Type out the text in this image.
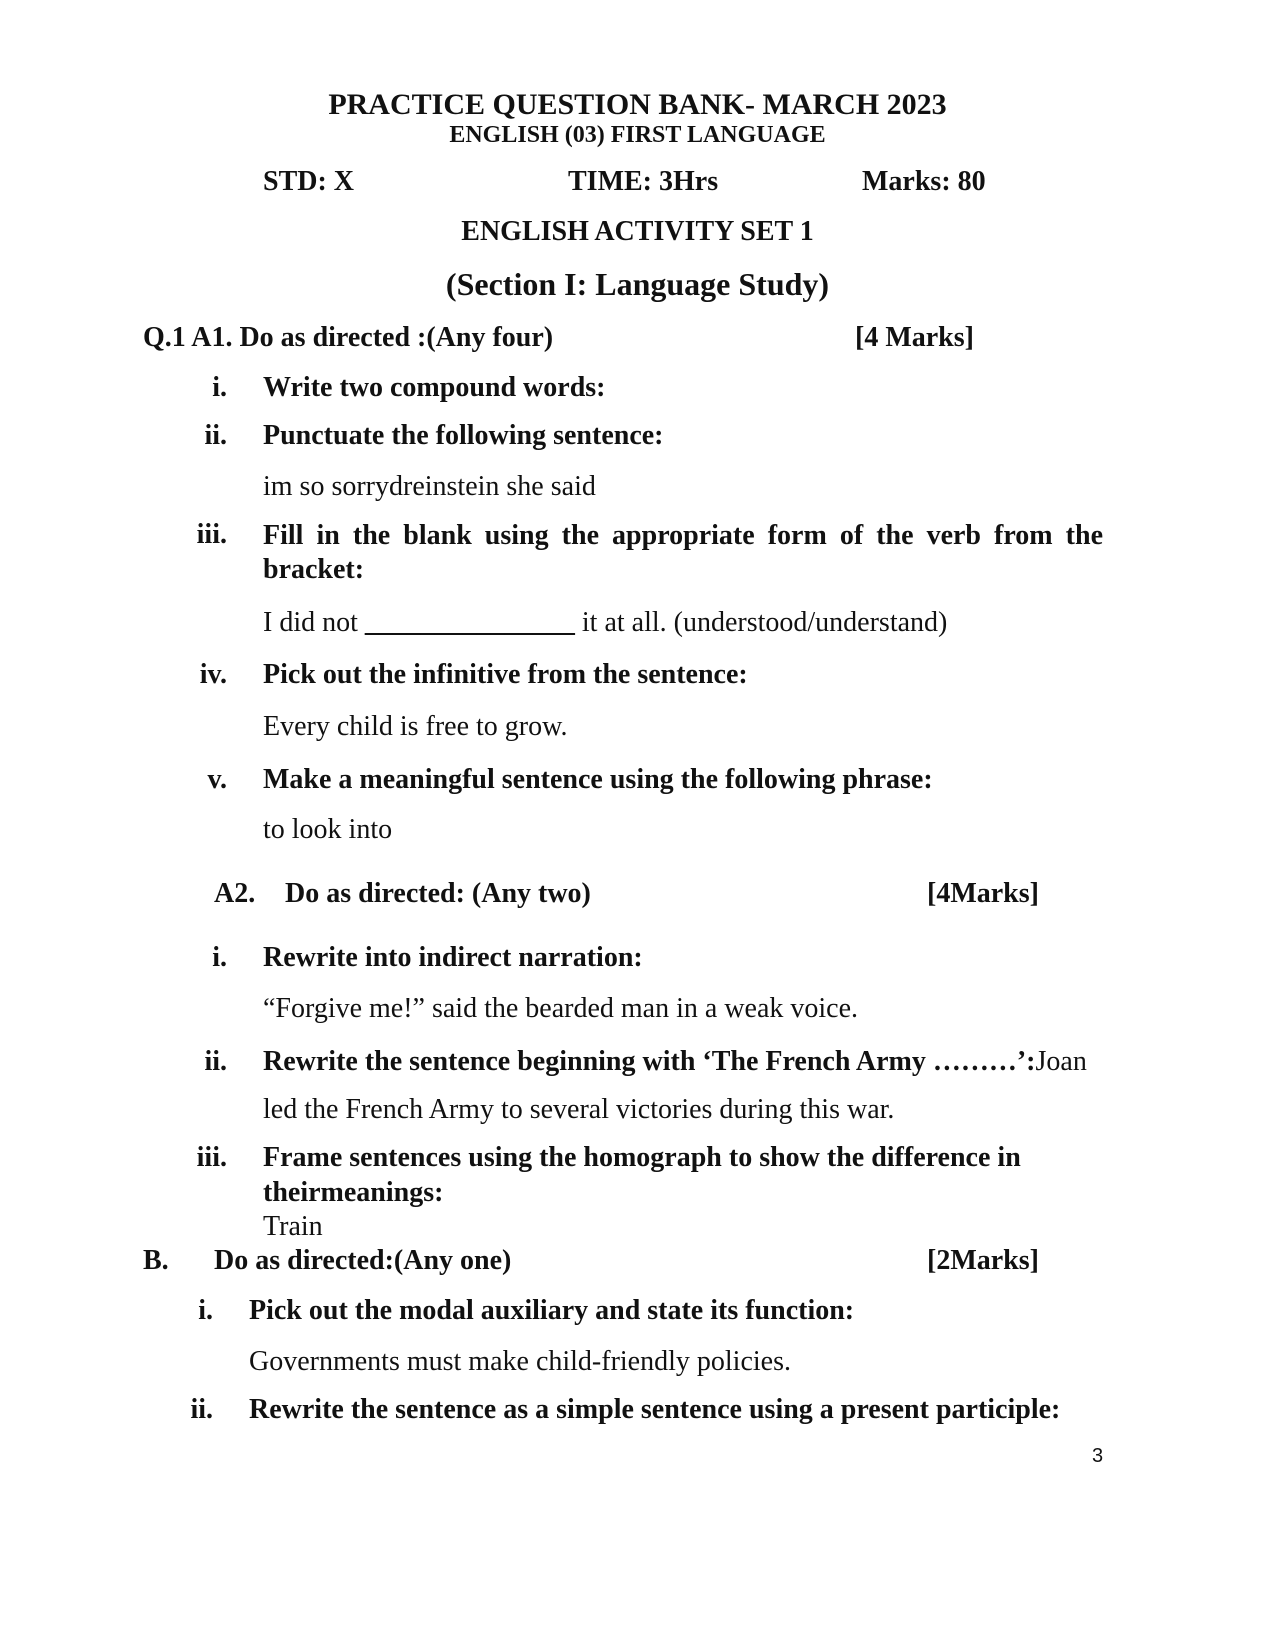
PRACTICE QUESTION BANK- MARCH 2023
ENGLISH (03) FIRST LANGUAGE
STD: X	TIME: 3Hrs	Marks: 80
ENGLISH ACTIVITY SET 1
(Section I: Language Study)
Q.1 A1. Do as directed :(Any four)	[4 Marks]
i. Write two compound words:
ii. Punctuate the following sentence:
im so sorrydreinstein she said
iii. Fill in the blank using the appropriate form of the verb from the bracket:
I did not _______________ it at all. (understood/understand)
iv. Pick out the infinitive from the sentence:
Every child is free to grow.
v. Make a meaningful sentence using the following phrase:
to look into
A2. Do as directed: (Any two)	[4Marks]
i. Rewrite into indirect narration:
“Forgive me!” said the bearded man in a weak voice.
ii. Rewrite the sentence beginning with ‘The French Army ………’:Joan
led the French Army to several victories during this war.
iii. Frame sentences using the homograph to show the difference in
theirmeanings:
Train
B. Do as directed:(Any one)	[2Marks]
i. Pick out the modal auxiliary and state its function:
Governments must make child-friendly policies.
ii. Rewrite the sentence as a simple sentence using a present participle:
3
